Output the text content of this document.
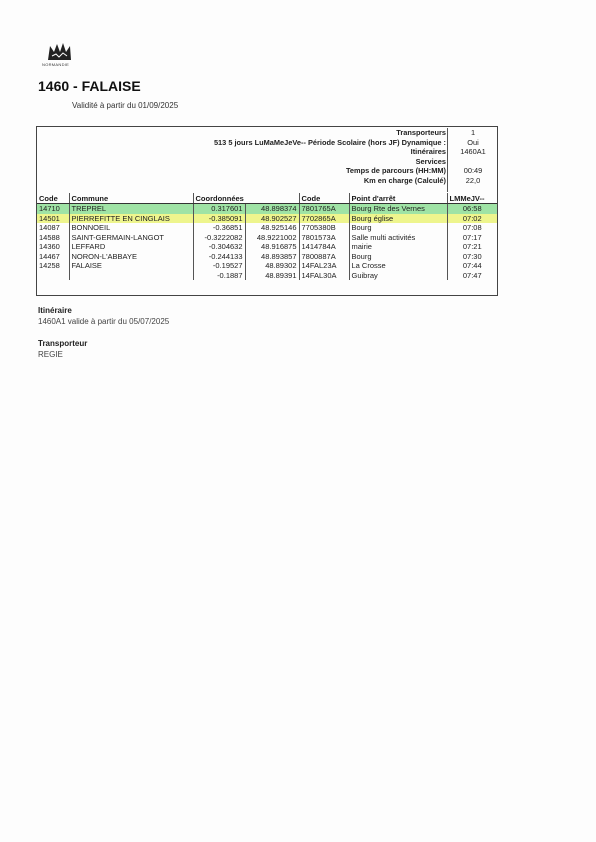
NORMANDIE
1460 - FALAISE
Validité à partir du 01/09/2025
Transporteurs	1
513 5 jours LuMaMeJeVe-- Période Scolaire (hors JF) Dynamique :	Oui
Itinéraires	1460A1
Services
Temps de parcours (HH:MM)	00:49
Km en charge (Calculé)	22,0
Code	Commune	Coordonnées		Code	Point d'arrêt	LMMeJV--
14710	TREPREL	0.317601	48.898374	7801765A	Bourg Rte des Vernes	06:58
14501	PIERREFITTE EN CINGLAIS	-0.385091	48.902527	7702865A	Bourg église	07:02
14087	BONNOEIL	-0.36851	48.925146	7705380B	Bourg	07:08
14588	SAINT-GERMAIN-LANGOT	-0.3222082	48.9221002	7801573A	Salle multi activités	07:17
14360	LEFFARD	-0.304632	48.916875	1414784A	mairie	07:21
14467	NORON-L'ABBAYE	-0.244133	48.893857	7800887A	Bourg	07:30
14258	FALAISE	-0.19527	48.89302	14FAL23A	La Crosse	07:44
		-0.1887	48.89391	14FAL30A	Guibray	07:47
Itinéraire
1460A1 valide à partir du 05/07/2025
Transporteur
REGIE
